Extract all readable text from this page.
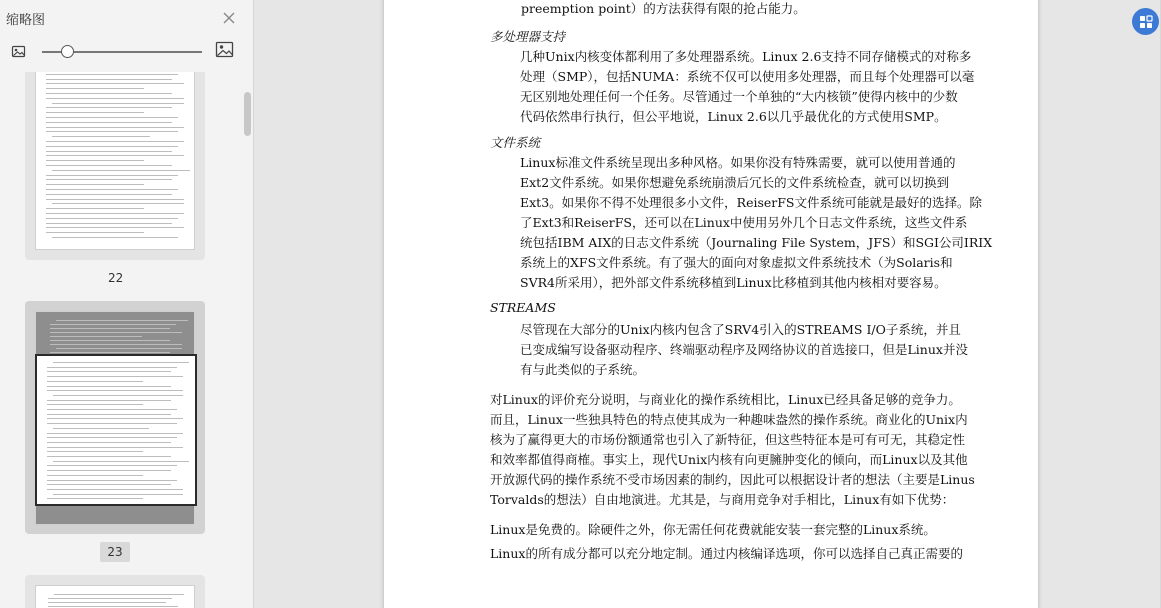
缩略图
22
23
preemption point）的方法获得有限的抢占能力。
多处理器支持
几种Unix内核变体都利用了多处理器系统。Linux 2.6支持不同存储模式的对称多
处理（SMP），包括NUMA：系统不仅可以使用多处理器，而且每个处理器可以毫
无区别地处理任何一个任务。尽管通过一个单独的“大内核锁”使得内核中的少数
代码依然串行执行，但公平地说，Linux 2.6以几乎最优化的方式使用SMP。
文件系统
Linux标准文件系统呈现出多种风格。如果你没有特殊需要，就可以使用普通的
Ext2文件系统。如果你想避免系统崩溃后冗长的文件系统检查，就可以切换到
Ext3。如果你不得不处理很多小文件，ReiserFS文件系统可能就是最好的选择。除
了Ext3和ReiserFS，还可以在Linux中使用另外几个日志文件系统，这些文件系
统包括IBM AIX的日志文件系统（Journaling File System，JFS）和SGI公司IRIX
系统上的XFS文件系统。有了强大的面向对象虚拟文件系统技术（为Solaris和
SVR4所采用），把外部文件系统移植到Linux比移植到其他内核相对要容易。
STREAMS
尽管现在大部分的Unix内核内包含了SRV4引入的STREAMS I/O子系统，并且
已变成编写设备驱动程序、终端驱动程序及网络协议的首选接口，但是Linux并没
有与此类似的子系统。
对Linux的评价充分说明，与商业化的操作系统相比，Linux已经具备足够的竞争力。
而且，Linux一些独具特色的特点使其成为一种趣味盎然的操作系统。商业化的Unix内
核为了赢得更大的市场份额通常也引入了新特征，但这些特征本是可有可无，其稳定性
和效率都值得商榷。事实上，现代Unix内核有向更臃肿变化的倾向，而Linux以及其他
开放源代码的操作系统不受市场因素的制约，因此可以根据设计者的想法（主要是Linus
Torvalds的想法）自由地演进。尤其是，与商用竞争对手相比，Linux有如下优势：
Linux是免费的。除硬件之外，你无需任何花费就能安装一套完整的Linux系统。
Linux的所有成分都可以充分地定制。通过内核编译选项，你可以选择自己真正需要的
